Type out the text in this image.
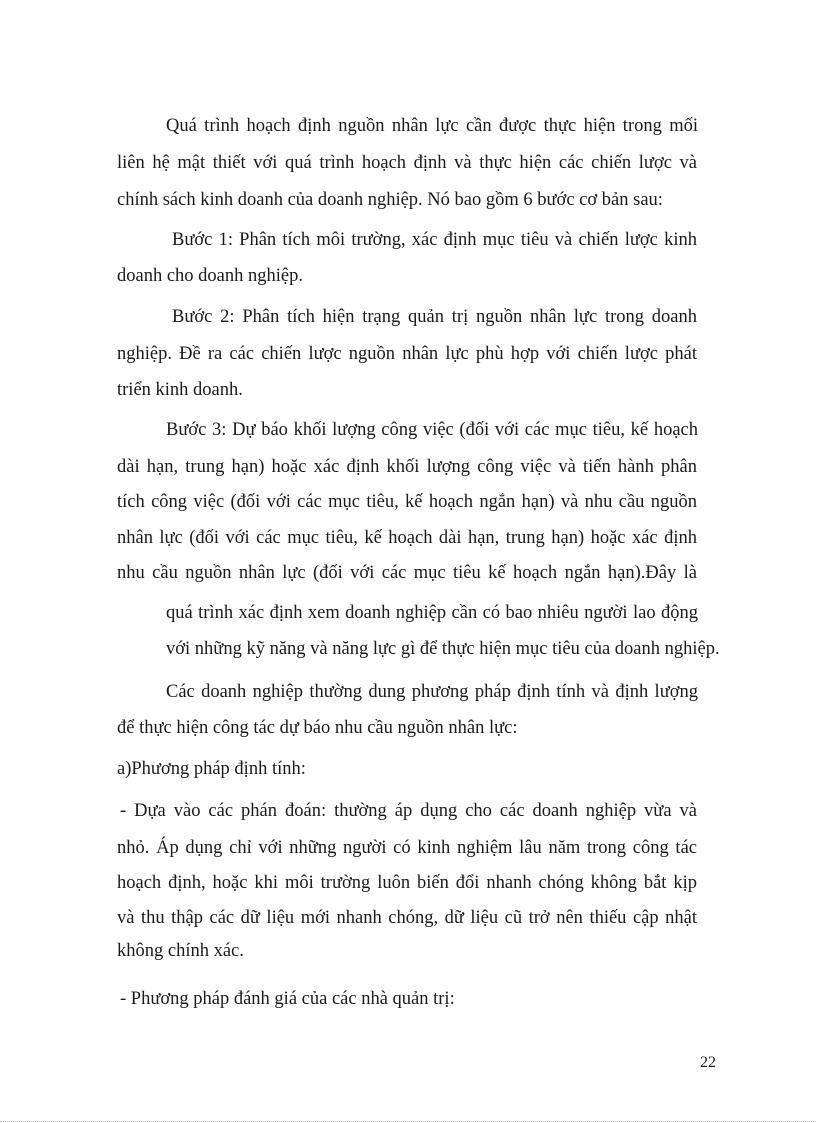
Quá trình hoạch định nguồn nhân lực cần được thực hiện trong mối
liên hệ mật thiết với quá trình hoạch định và thực hiện các chiến lược và
chính sách kinh doanh của doanh nghiệp. Nó bao gồm 6 bước cơ bản sau:
Bước 1: Phân tích môi trường, xác định mục tiêu và chiến lược kinh
doanh cho doanh nghiệp.
Bước 2: Phân tích hiện trạng quản trị nguồn nhân lực trong doanh
nghiệp. Đề ra các chiến lược nguồn nhân lực phù hợp với chiến lược phát
triển kinh doanh.
Bước 3: Dự báo khối lượng công việc (đối với các mục tiêu, kế hoạch
dài hạn, trung hạn) hoặc xác định khối lượng công việc và tiến hành phân
tích công việc (đối với các mục tiêu, kế hoạch ngắn hạn) và nhu cầu nguồn
nhân lực (đối với các mục tiêu, kế hoạch dài hạn, trung hạn) hoặc xác định
nhu cầu nguồn nhân lực (đối với các mục tiêu kế hoạch ngắn hạn).Đây là
quá trình xác định xem doanh nghiệp cần có bao nhiêu người lao động
với những kỹ năng và năng lực gì để thực hiện mục tiêu của doanh nghiệp.
Các doanh nghiệp thường dung phương pháp định tính và định lượng
để thực hiện công tác dự báo nhu cầu nguồn nhân lực:
a)Phương pháp định tính:
- Dựa vào các phán đoán: thường áp dụng cho các doanh nghiệp vừa và
nhỏ. Áp dụng chỉ với những người có kinh nghiệm lâu năm trong công tác
hoạch định, hoặc khi môi trường luôn biến đổi nhanh chóng không bắt kịp
và thu thập các dữ liệu mới nhanh chóng, dữ liệu cũ trở nên thiếu cập nhật
không chính xác.
- Phương pháp đánh giá của các nhà quản trị:
22
